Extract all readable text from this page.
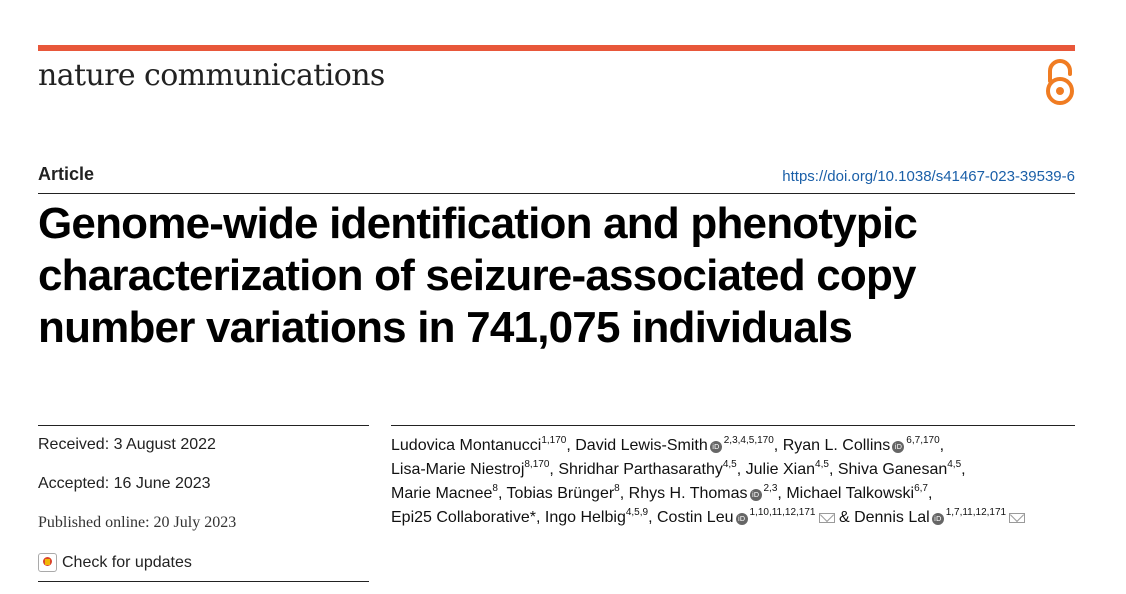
nature communications
Article	https://doi.org/10.1038/s41467-023-39539-6
Genome-wide identification and phenotypic
characterization of seizure-associated copy
number variations in 741,075 individuals
Received: 3 August 2022
Accepted: 16 June 2023
Published online: 20 July 2023
Check for updates
Ludovica Montanucci$^{1,170}$, David Lewis-Smith iD$^{2,3,4,5,170}$, Ryan L. Collins iD$^{6,7,170}$, Lisa-Marie Niestroj$^{8,170}$, Shridhar Parthasarathy$^{4,5}$, Julie Xian$^{4,5}$, Shiva Ganesan$^{4,5}$, Marie Macnee$^8$, Tobias Brünger$^8$, Rhys H. Thomas iD$^{2,3}$, Michael Talkowski$^{6,7}$, Epi25 Collaborative*, Ingo Helbig$^{4,5,9}$, Costin Leu iD$^{1,10,11,12,171}$ & Dennis Lal iD$^{1,7,11,12,171}$
